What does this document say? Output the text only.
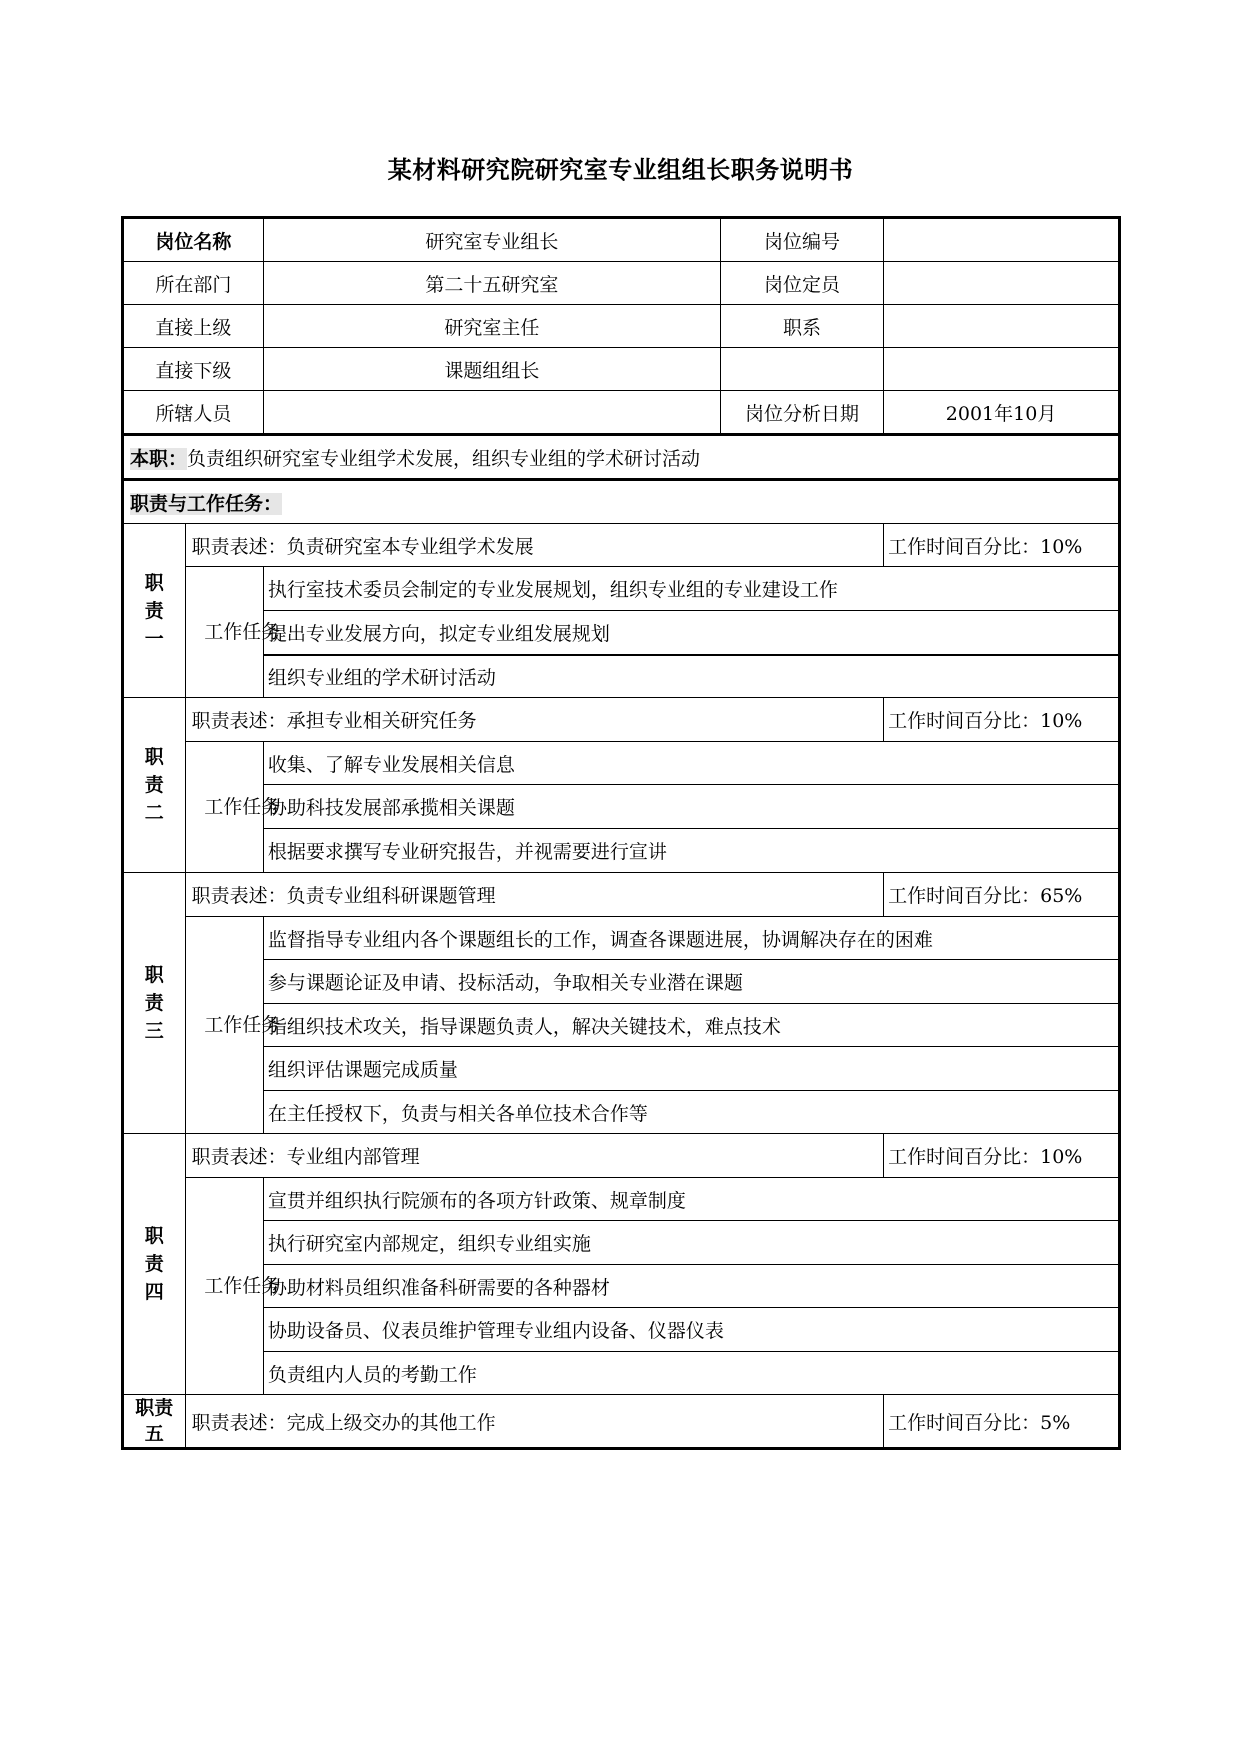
某材料研究院研究室专业组组长职务说明书
岗位名称		研究室专业组长	岗位编号	
所在部门		第二十五研究室	岗位定员	
直接上级		研究室主任	职系	
直接下级		课题组组长		
所辖人员			岗位分析日期	2001年10月
本职：负责组织研究室专业组学术发展，组织专业组的学术研讨活动				
职责与工作任务：				

职
责
一	职责表述：负责研究室本专业组学术发展			工作时间百分比：10%

	工作任务	执行室技术委员会制定的专业发展规划，组织专业组的专业建设工作		
		提出专业发展方向，拟定专业组发展规划		
		组织专业组的学术研讨活动		

职
责
二	职责表述：承担专业相关研究任务			工作时间百分比：10%

	工作任务	收集、了解专业发展相关信息		
		协助科技发展部承揽相关课题		
		根据要求撰写专业研究报告，并视需要进行宣讲		

职
责
三	职责表述：负责专业组科研课题管理			工作时间百分比：65%

	工作任务	监督指导专业组内各个课题组长的工作，调查各课题进展，协调解决存在的困难		
		参与课题论证及申请、投标活动，争取相关专业潜在课题		
		指组织技术攻关，指导课题负责人，解决关键技术，难点技术		
		组织评估课题完成质量		
		在主任授权下，负责与相关各单位技术合作等		

职
责
四	职责表述：专业组内部管理			工作时间百分比：10%

	工作任务	宣贯并组织执行院颁布的各项方针政策、规章制度		
		执行研究室内部规定，组织专业组实施		
		协助材料员组织准备科研需要的各种器材		
		协助设备员、仪表员维护管理专业组内设备、仪器仪表		
		负责组内人员的考勤工作		

职责
五	职责表述：完成上级交办的其他工作			工作时间百分比：5%
